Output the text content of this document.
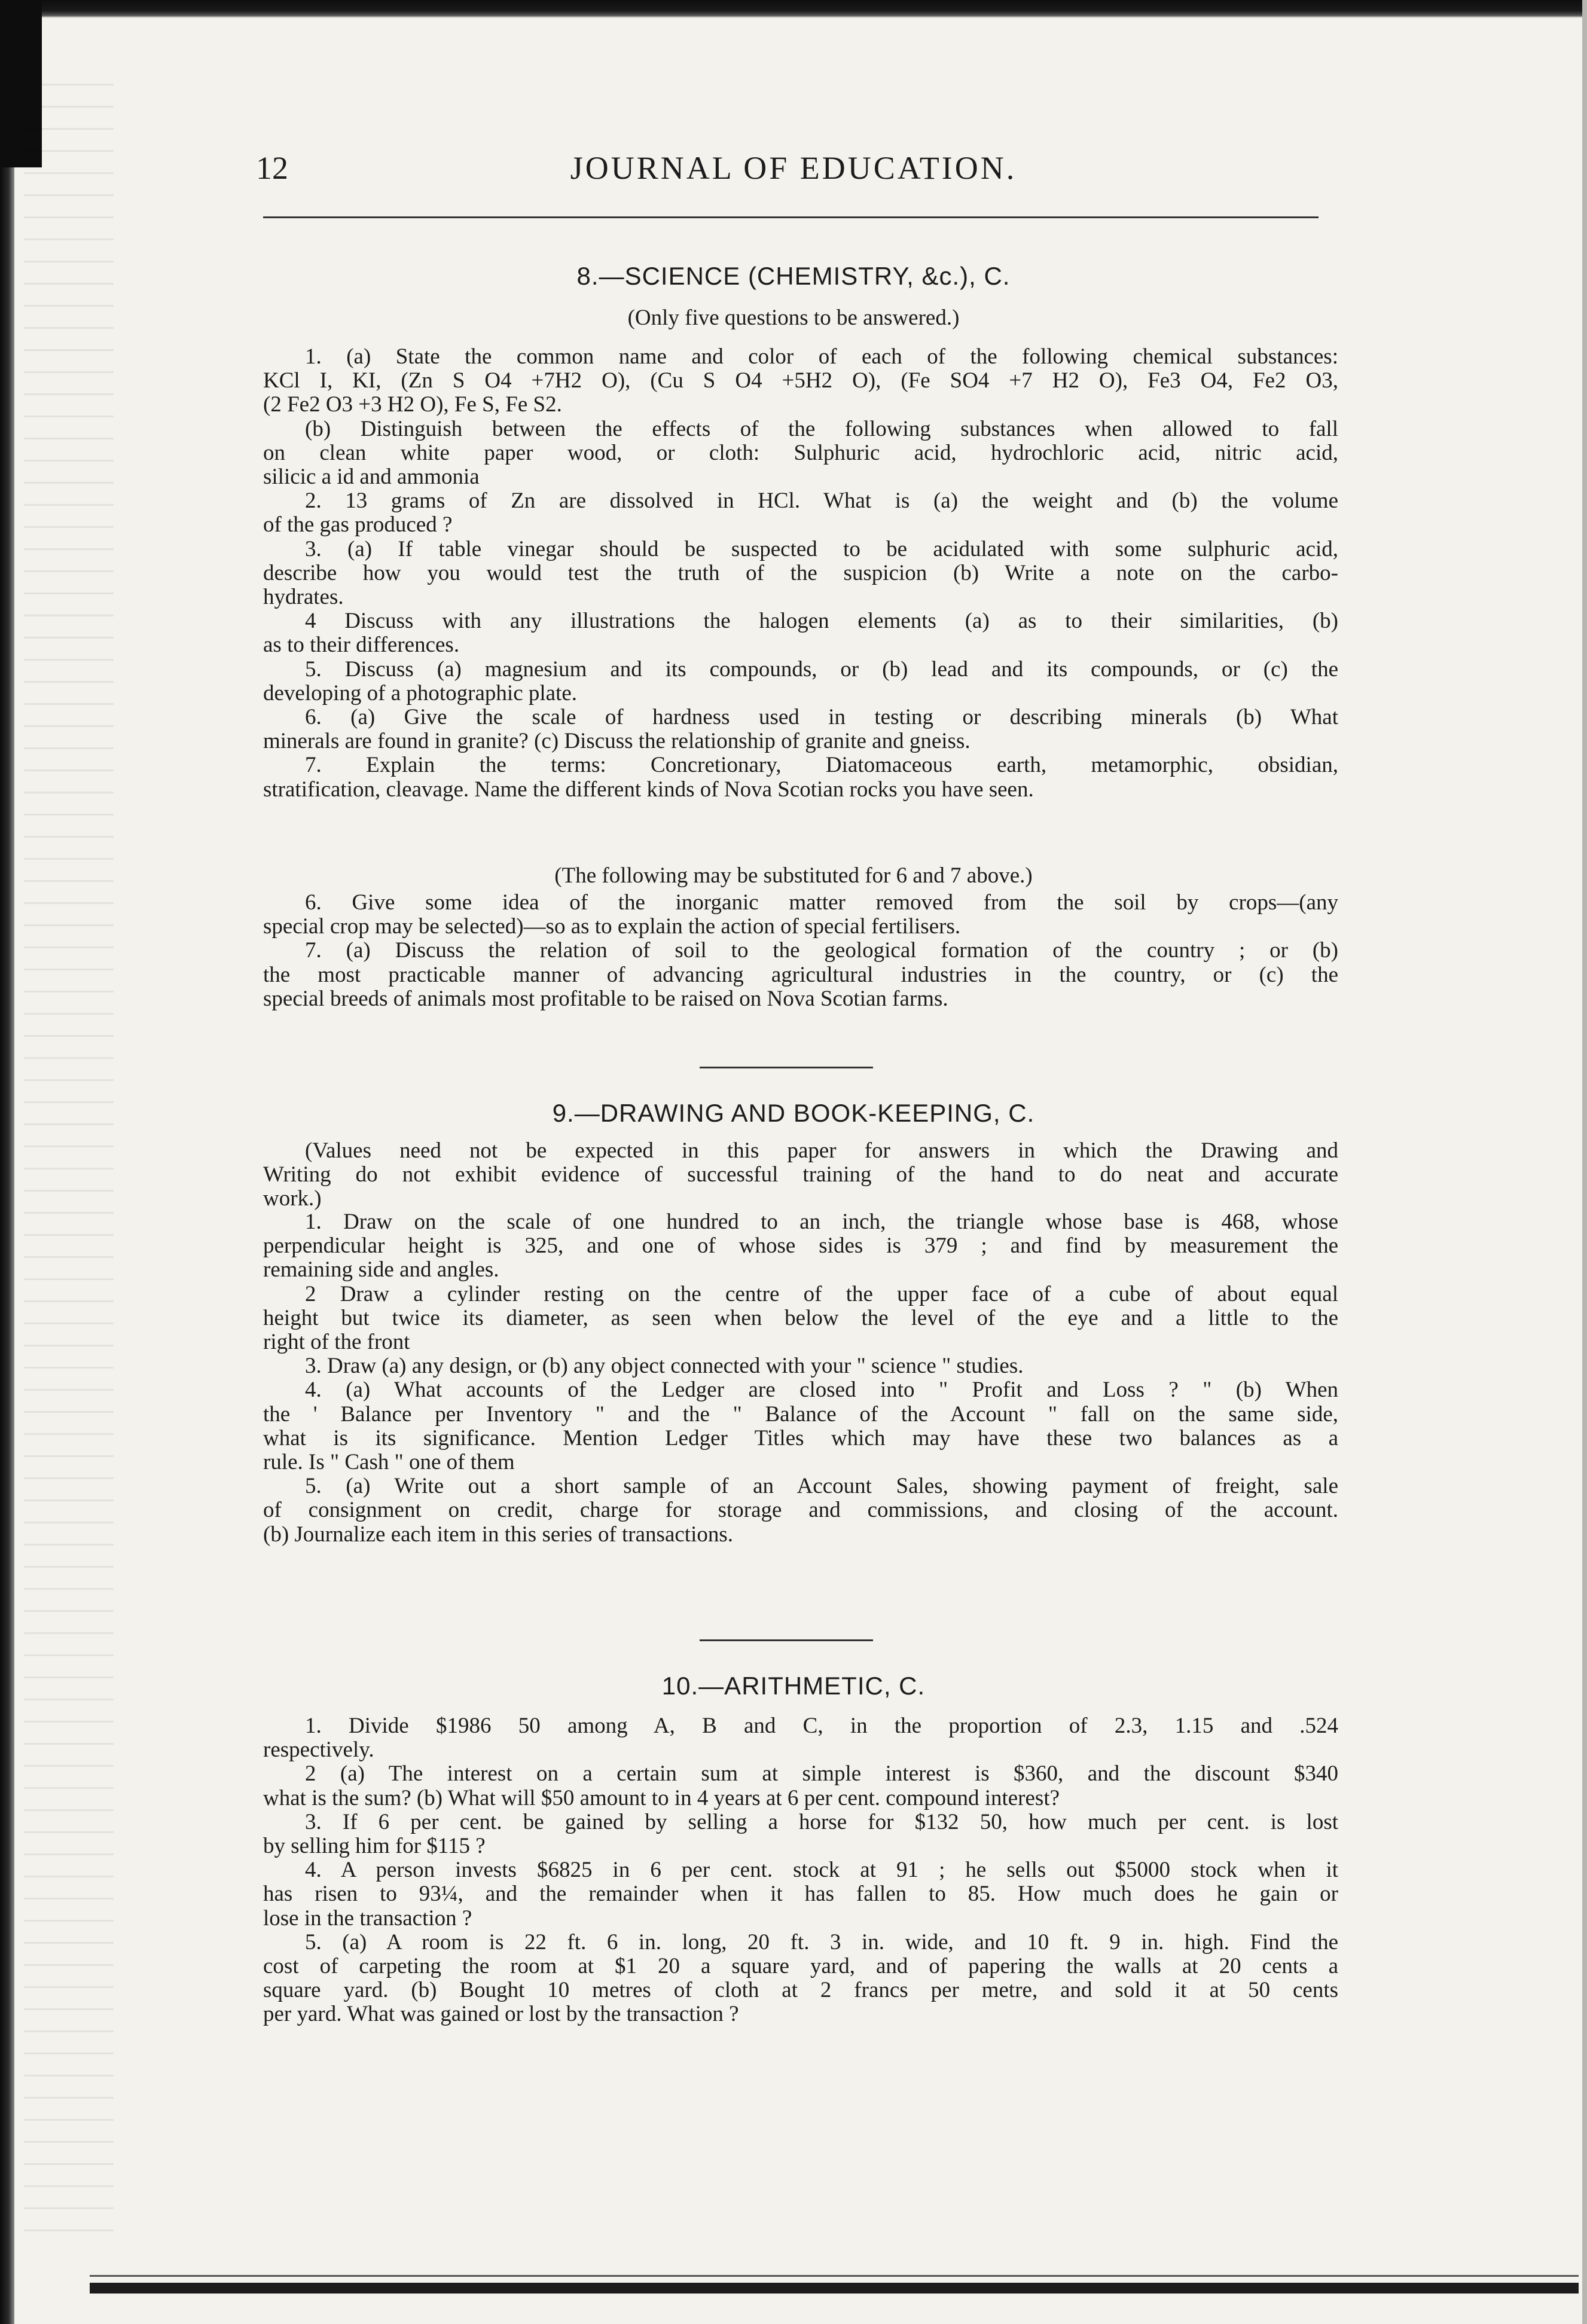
12	JOURNAL OF EDUCATION.
8.—SCIENCE (CHEMISTRY, &c.), C.
(Only five questions to be answered.)
1. (a) State the common name and color of each of the following chemical substances:
KCl I, KI, (Zn S O4 +7H2 O), (Cu S O4 +5H2 O), (Fe SO4 +7 H2 O), Fe3 O4, Fe2 O3,
(2 Fe2 O3 +3 H2 O), Fe S, Fe S2.
(b) Distinguish between the effects of the following substances when allowed to fall
on clean white paper wood, or cloth: Sulphuric acid, hydrochloric acid, nitric acid,
silicic a id and ammonia
2. 13 grams of Zn are dissolved in HCl. What is (a) the weight and (b) the volume
of the gas produced ?
3. (a) If table vinegar should be suspected to be acidulated with some sulphuric acid,
describe how you would test the truth of the suspicion (b) Write a note on the carbo-
hydrates.
4 Discuss with any illustrations the halogen elements (a) as to their similarities, (b)
as to their differences.
5. Discuss (a) magnesium and its compounds, or (b) lead and its compounds, or (c) the
developing of a photographic plate.
6. (a) Give the scale of hardness used in testing or describing minerals (b) What
minerals are found in granite? (c) Discuss the relationship of granite and gneiss.
7. Explain the terms: Concretionary, Diatomaceous earth, metamorphic, obsidian,
stratification, cleavage. Name the different kinds of Nova Scotian rocks you have seen.
(The following may be substituted for 6 and 7 above.)
6. Give some idea of the inorganic matter removed from the soil by crops—(any
special crop may be selected)—so as to explain the action of special fertilisers.
7. (a) Discuss the relation of soil to the geological formation of the country ; or (b)
the most practicable manner of advancing agricultural industries in the country, or (c) the
special breeds of animals most profitable to be raised on Nova Scotian farms.
9.—DRAWING AND BOOK-KEEPING, C.
(Values need not be expected in this paper for answers in which the Drawing and
Writing do not exhibit evidence of successful training of the hand to do neat and accurate
work.)
1. Draw on the scale of one hundred to an inch, the triangle whose base is 468, whose
perpendicular height is 325, and one of whose sides is 379 ; and find by measurement the
remaining side and angles.
2 Draw a cylinder resting on the centre of the upper face of a cube of about equal
height but twice its diameter, as seen when below the level of the eye and a little to the
right of the front
3. Draw (a) any design, or (b) any object connected with your " science " studies.
4. (a) What accounts of the Ledger are closed into " Profit and Loss ? " (b) When
the ' Balance per Inventory " and the " Balance of the Account " fall on the same side,
what is its significance. Mention Ledger Titles which may have these two balances as a
rule. Is " Cash " one of them
5. (a) Write out a short sample of an Account Sales, showing payment of freight, sale
of consignment on credit, charge for storage and commissions, and closing of the account.
(b) Journalize each item in this series of transactions.
10.—ARITHMETIC, C.
1. Divide $1986 50 among A, B and C, in the proportion of 2.3, 1.15 and .524
respectively.
2 (a) The interest on a certain sum at simple interest is $360, and the discount $340
what is the sum? (b) What will $50 amount to in 4 years at 6 per cent. compound interest?
3. If 6 per cent. be gained by selling a horse for $132 50, how much per cent. is lost
by selling him for $115 ?
4. A person invests $6825 in 6 per cent. stock at 91 ; he sells out $5000 stock when it
has risen to 93¼, and the remainder when it has fallen to 85. How much does he gain or
lose in the transaction ?
5. (a) A room is 22 ft. 6 in. long, 20 ft. 3 in. wide, and 10 ft. 9 in. high. Find the
cost of carpeting the room at $1 20 a square yard, and of papering the walls at 20 cents a
square yard. (b) Bought 10 metres of cloth at 2 francs per metre, and sold it at 50 cents
per yard. What was gained or lost by the transaction ?
